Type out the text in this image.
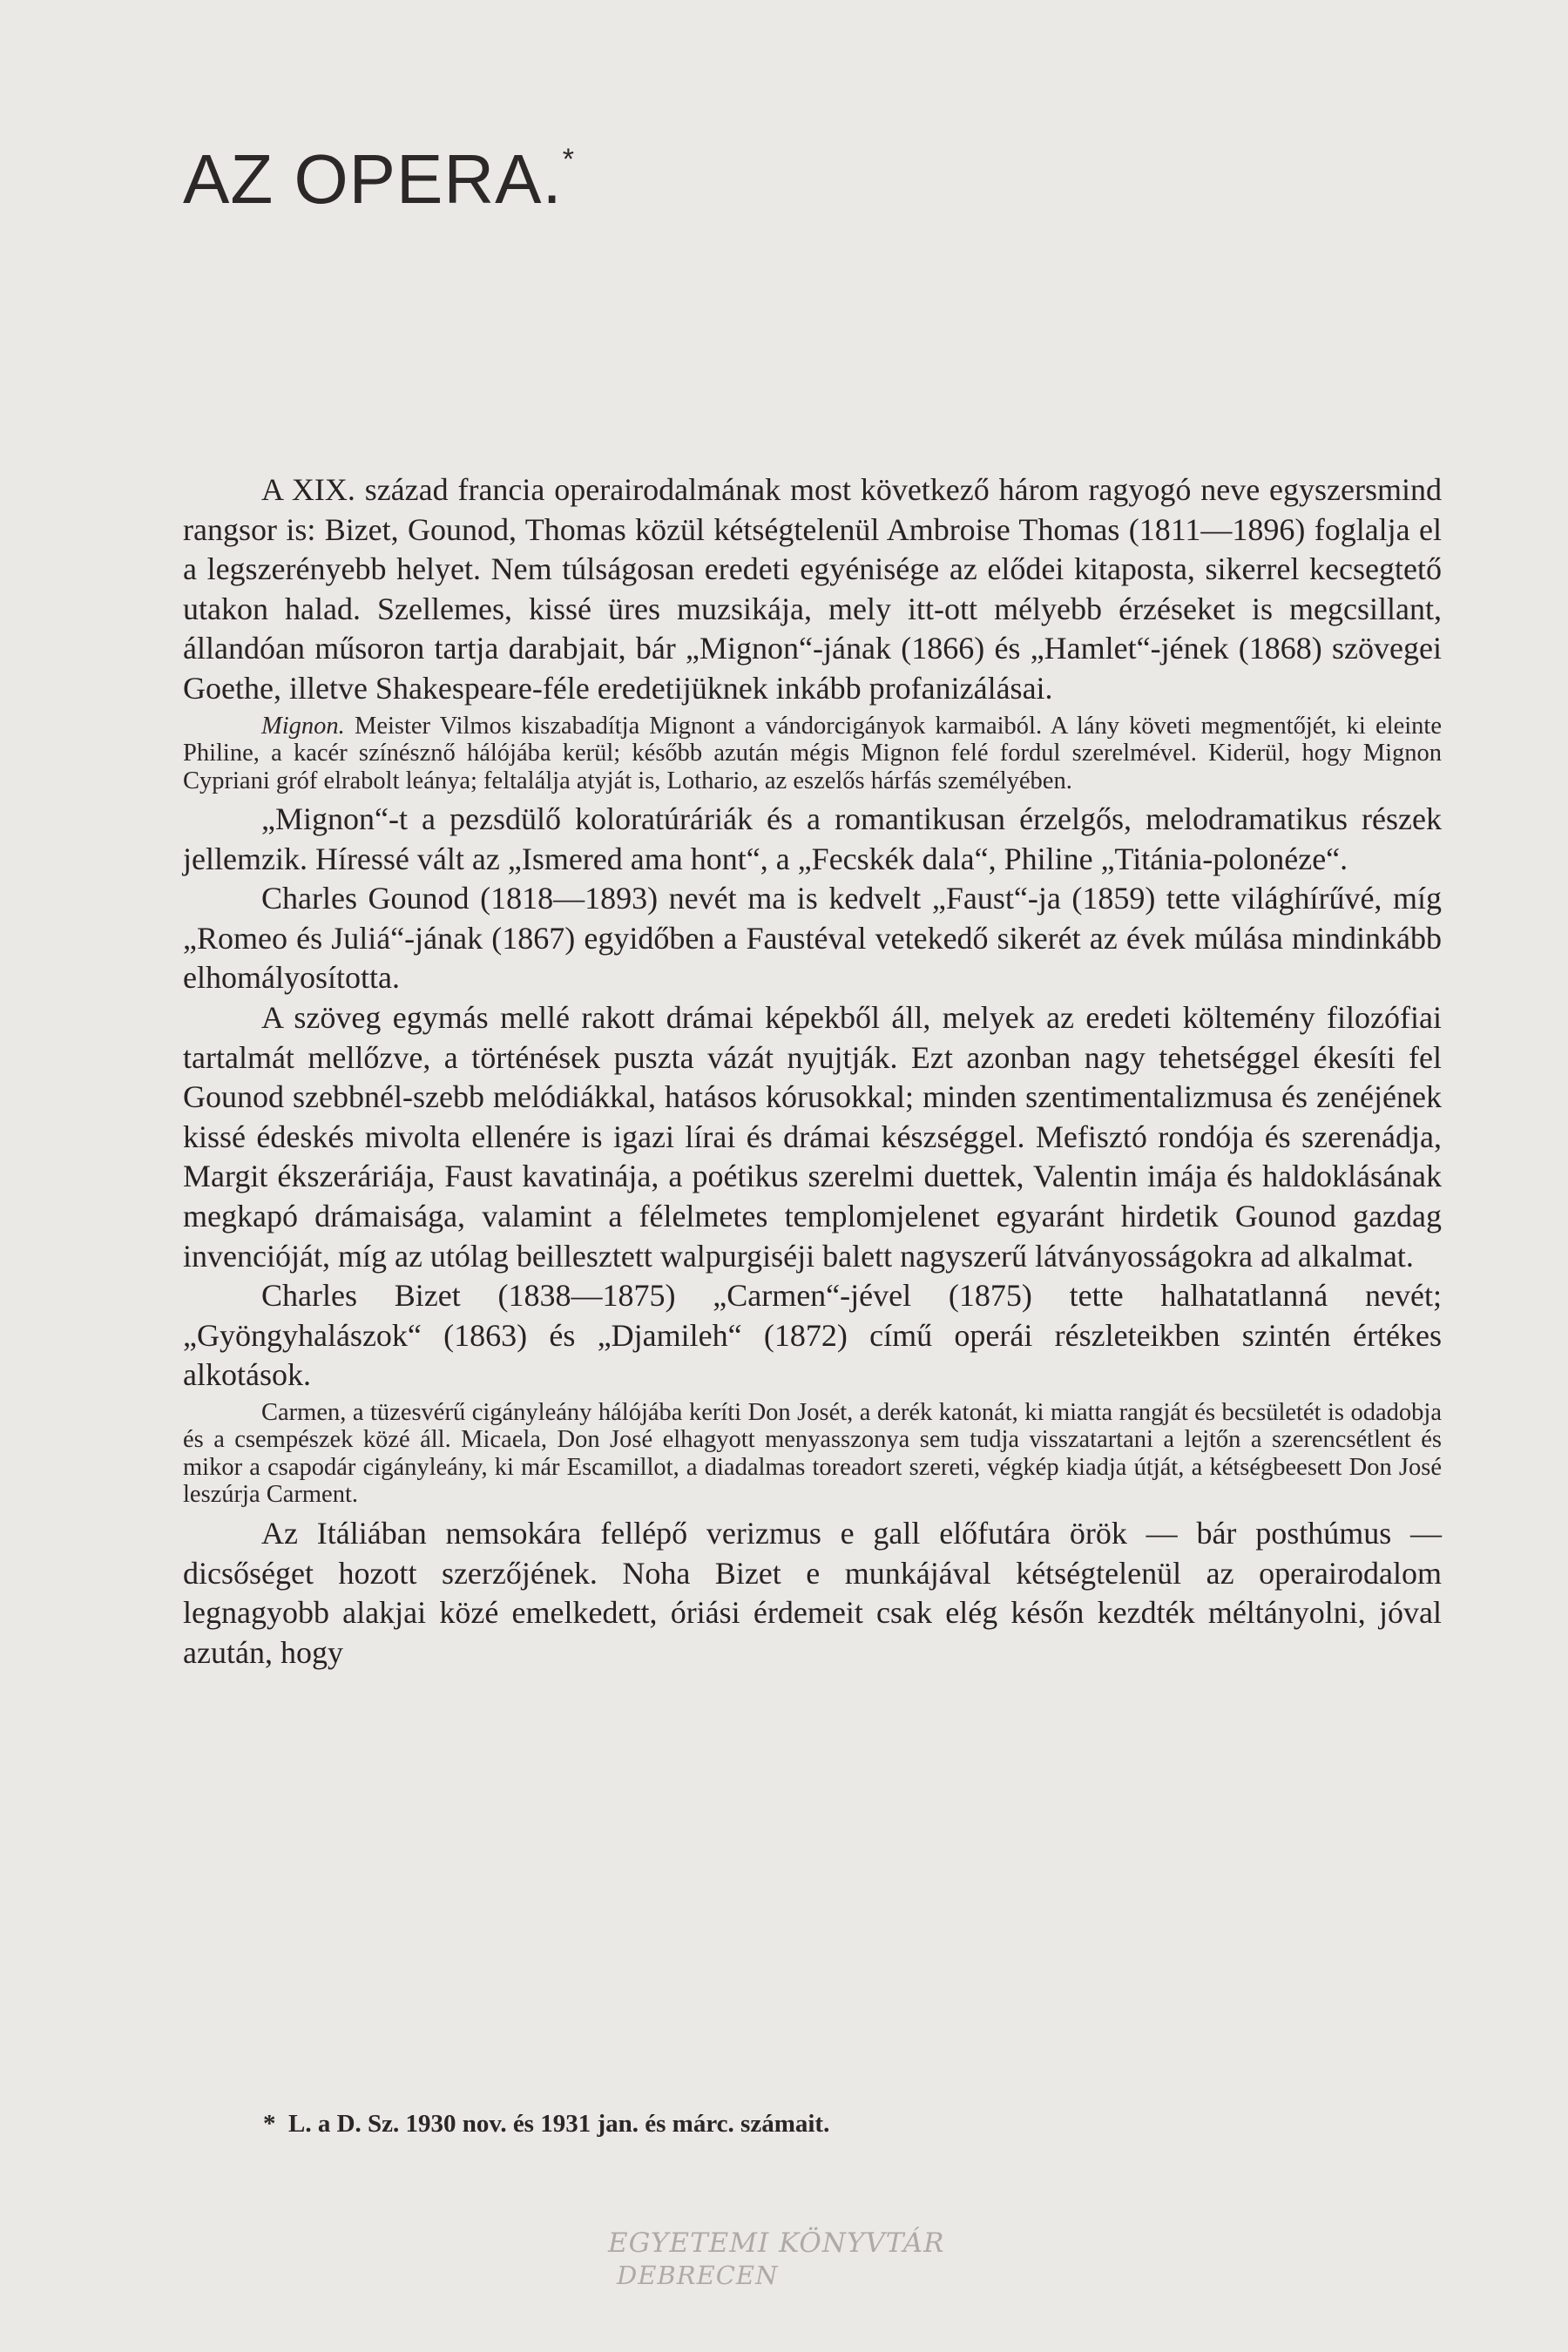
AZ OPERA.*

A XIX. század francia operairodalmának most következő három ragyogó neve egyszersmind rangsor is: Bizet, Gounod, Thomas közül kétségtelenül Ambroise Thomas (1811—1896) foglalja el a legszerényebb helyet. Nem túlságosan eredeti egyénisége az elődei kitaposta, sikerrel kecsegtető utakon halad. Szellemes, kissé üres muzsikája, mely itt-ott mélyebb érzéseket is megcsillant, állandóan műsoron tartja darabjait, bár „Mignon“-jának (1866) és „Hamlet“-jének (1868) szövegei Goethe, illetve Shakespeare-féle eredetijüknek inkább profanizálásai.

Mignon. Meister Vilmos kiszabadítja Mignont a vándorcigányok karmaiból. A lány követi megmentőjét, ki eleinte Philine, a kacér színésznő hálójába kerül; később azután mégis Mignon felé fordul szerelmével. Kiderül, hogy Mignon Cypriani gróf elrabolt leánya; feltalálja atyját is, Lothario, az eszelős hárfás személyében.

„Mignon“-t a pezsdülő koloratúráriák és a romantikusan érzelgős, melodramatikus részek jellemzik. Híressé vált az „Ismered ama hont“, a „Fecskék dala“, Philine „Titánia-polonéze“.

Charles Gounod (1818—1893) nevét ma is kedvelt „Faust“-ja (1859) tette világhírűvé, míg „Romeo és Juliá“-jának (1867) egyidőben a Faustéval vetekedő sikerét az évek múlása mindinkább elhomályosította.

A szöveg egymás mellé rakott drámai képekből áll, melyek az eredeti költemény filozófiai tartalmát mellőzve, a történések puszta vázát nyujtják. Ezt azonban nagy tehetséggel ékesíti fel Gounod szebbnél-szebb melódiákkal, hatásos kórusokkal; minden szentimentalizmusa és zenéjének kissé édeskés mivolta ellenére is igazi lírai és drámai készséggel. Mefisztó rondója és szerenádja, Margit ékszeráriája, Faust kavatinája, a poétikus szerelmi duettek, Valentin imája és haldoklásának megkapó drámaisága, valamint a félelmetes templomjelenet egyaránt hirdetik Gounod gazdag invencióját, míg az utólag beillesztett walpurgiséji balett nagyszerű látványosságokra ad alkalmat.

Charles Bizet (1838—1875) „Carmen“-jével (1875) tette halhatatlanná nevét; „Gyöngyhalászok“ (1863) és „Djamileh“ (1872) című operái részleteikben szintén értékes alkotások.

Carmen, a tüzesvérű cigányleány hálójába keríti Don Josét, a derék katonát, ki miatta rangját és becsületét is odadobja és a csempészek közé áll. Micaela, Don José elhagyott menyasszonya sem tudja visszatartani a lejtőn a szerencsétlent és mikor a csapodár cigányleány, ki már Escamillot, a diadalmas toreadort szereti, végkép kiadja útját, a kétségbeesett Don José leszúrja Carment.

Az Itáliában nemsokára fellépő verizmus e gall előfutára örök — bár posthúmus — dicsőséget hozott szerzőjének. Noha Bizet e munkájával kétségtelenül az operairodalom legnagyobb alakjai közé emelkedett, óriási érdemeit csak elég későn kezdték méltányolni, jóval azután, hogy

* L. a D. Sz. 1930 nov. és 1931 jan. és márc. számait.

EGYETEMI KÖNYVTÁR
DEBRECEN
